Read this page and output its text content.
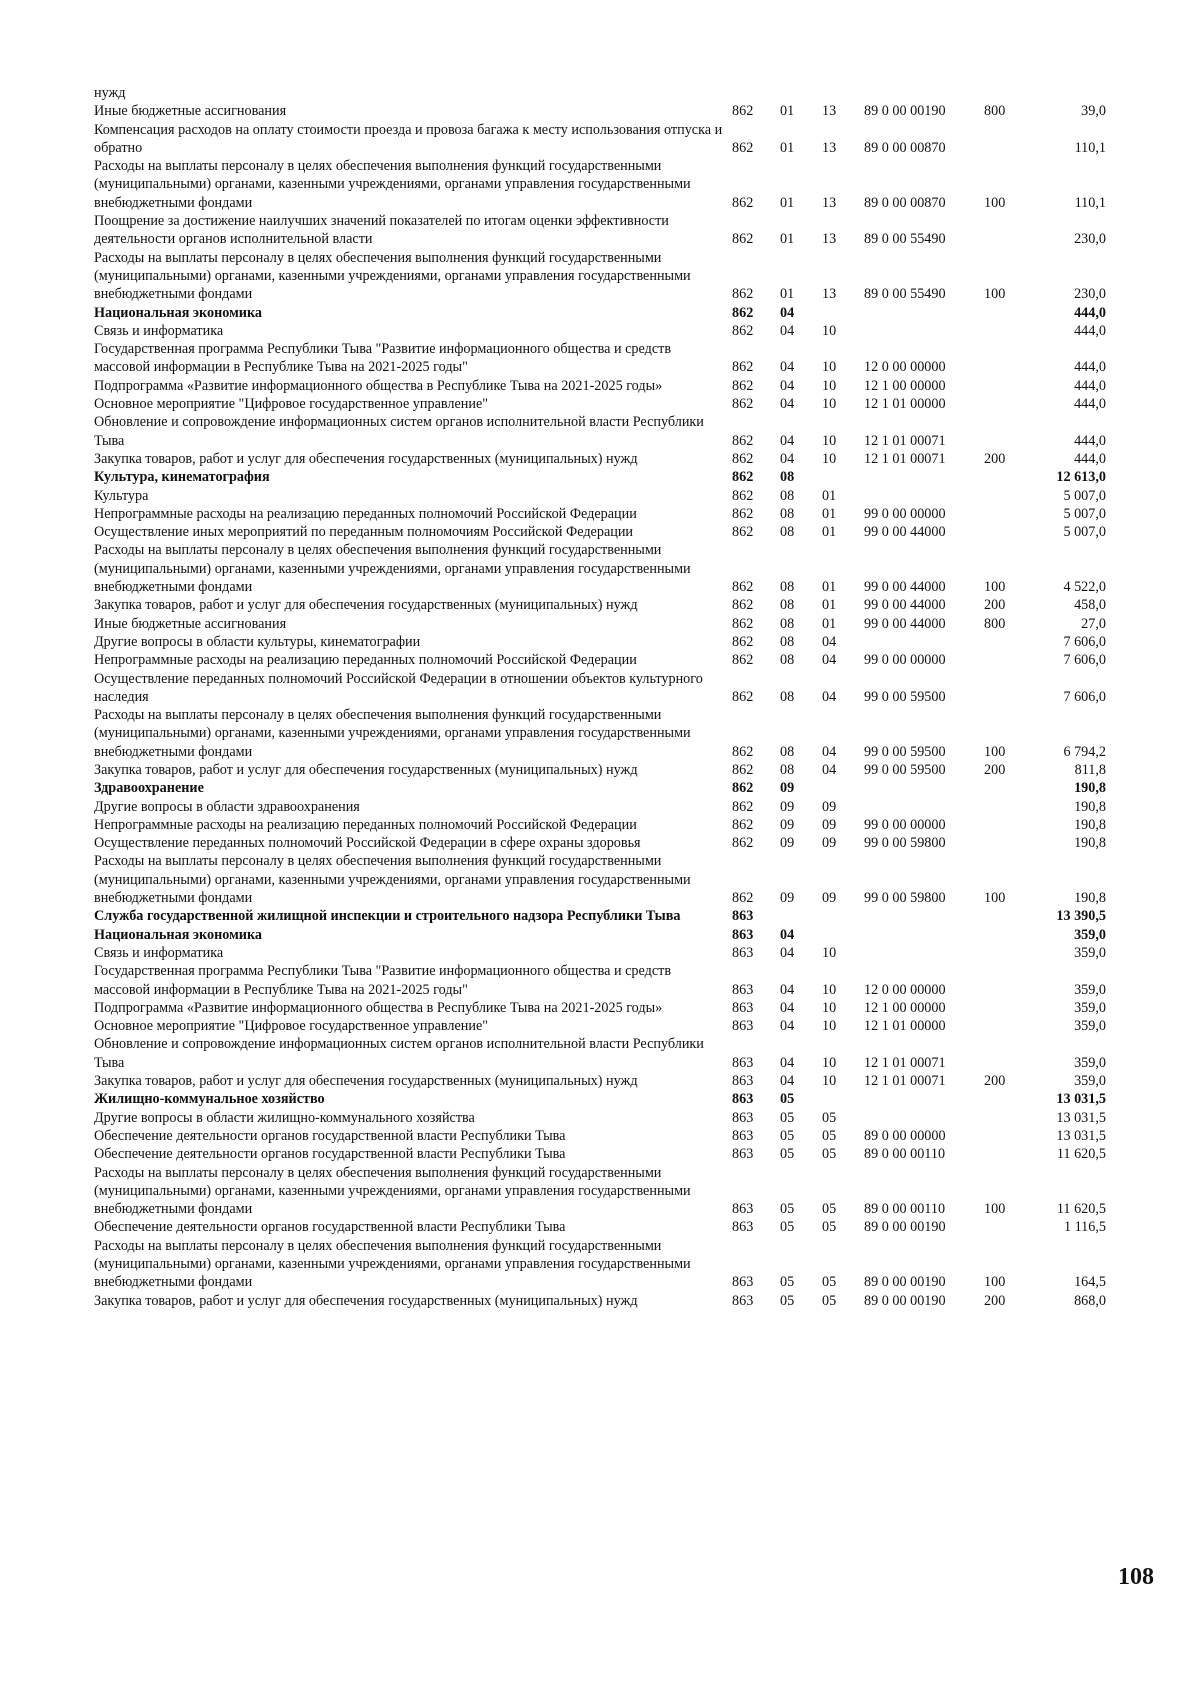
нужд						
Иные бюджетные ассигнования	862	01	13	89 0 00 00190	800	39,0
Компенсация расходов на оплату стоимости проезда и провоза багажа к месту использования отпуска и обратно	862	01	13	89 0 00 00870		110,1
Расходы на выплаты персоналу в целях обеспечения выполнения функций государственными (муниципальными) органами, казенными учреждениями, органами управления государственными внебюджетными фондами	862	01	13	89 0 00 00870	100	110,1
Поощрение за достижение наилучших значений показателей по итогам оценки эффективности деятельности органов исполнительной власти	862	01	13	89 0 00 55490		230,0
Расходы на выплаты персоналу в целях обеспечения выполнения функций государственными (муниципальными) органами, казенными учреждениями, органами управления государственными внебюджетными фондами	862	01	13	89 0 00 55490	100	230,0
Национальная экономика	862	04				444,0
Связь и информатика	862	04	10			444,0
Государственная программа Республики Тыва "Развитие информационного общества и средств массовой информации в Республике Тыва на 2021-2025 годы"	862	04	10	12 0 00 00000		444,0
Подпрограмма «Развитие информационного общества в Республике Тыва на 2021-2025 годы»	862	04	10	12 1 00 00000		444,0
Основное мероприятие "Цифровое государственное управление"	862	04	10	12 1 01 00000		444,0
Обновление и сопровождение информационных систем органов исполнительной власти Республики Тыва	862	04	10	12 1 01 00071		444,0
Закупка товаров, работ и услуг для обеспечения государственных (муниципальных) нужд	862	04	10	12 1 01 00071	200	444,0
Культура, кинематография	862	08				12 613,0
Культура	862	08	01			5 007,0
Непрограммные расходы на реализацию переданных полномочий Российской Федерации	862	08	01	99 0 00 00000		5 007,0
Осуществление иных мероприятий по переданным полномочиям Российской Федерации	862	08	01	99 0 00 44000		5 007,0
Расходы на выплаты персоналу в целях обеспечения выполнения функций государственными (муниципальными) органами, казенными учреждениями, органами управления государственными внебюджетными фондами	862	08	01	99 0 00 44000	100	4 522,0
Закупка товаров, работ и услуг для обеспечения государственных (муниципальных) нужд	862	08	01	99 0 00 44000	200	458,0
Иные бюджетные ассигнования	862	08	01	99 0 00 44000	800	27,0
Другие вопросы в области культуры, кинематографии	862	08	04			7 606,0
Непрограммные расходы на реализацию переданных полномочий Российской Федерации	862	08	04	99 0 00 00000		7 606,0
Осуществление переданных полномочий Российской Федерации в отношении объектов культурного наследия	862	08	04	99 0 00 59500		7 606,0
Расходы на выплаты персоналу в целях обеспечения выполнения функций государственными (муниципальными) органами, казенными учреждениями, органами управления государственными внебюджетными фондами	862	08	04	99 0 00 59500	100	6 794,2
Закупка товаров, работ и услуг для обеспечения государственных (муниципальных) нужд	862	08	04	99 0 00 59500	200	811,8
Здравоохранение	862	09				190,8
Другие вопросы в области здравоохранения	862	09	09			190,8
Непрограммные расходы на реализацию переданных полномочий Российской Федерации	862	09	09	99 0 00 00000		190,8
Осуществление переданных полномочий Российской Федерации в сфере охраны здоровья	862	09	09	99 0 00 59800		190,8
Расходы на выплаты персоналу в целях обеспечения выполнения функций государственными (муниципальными) органами, казенными учреждениями, органами управления государственными внебюджетными фондами	862	09	09	99 0 00 59800	100	190,8
Служба государственной жилищной инспекции и строительного надзора Республики Тыва	863					13 390,5
Национальная экономика	863	04				359,0
Связь и информатика	863	04	10			359,0
Государственная программа Республики Тыва "Развитие информационного общества и средств массовой информации в Республике Тыва на 2021-2025 годы"	863	04	10	12 0 00 00000		359,0
Подпрограмма «Развитие информационного общества в Республике Тыва на 2021-2025 годы»	863	04	10	12 1 00 00000		359,0
Основное мероприятие "Цифровое государственное управление"	863	04	10	12 1 01 00000		359,0
Обновление и сопровождение информационных систем органов исполнительной власти Республики Тыва	863	04	10	12 1 01 00071		359,0
Закупка товаров, работ и услуг для обеспечения государственных (муниципальных) нужд	863	04	10	12 1 01 00071	200	359,0
Жилищно-коммунальное хозяйство	863	05				13 031,5
Другие вопросы в области жилищно-коммунального хозяйства	863	05	05			13 031,5
Обеспечение деятельности органов государственной власти Республики Тыва	863	05	05	89 0 00 00000		13 031,5
Обеспечение деятельности органов государственной власти Республики Тыва	863	05	05	89 0 00 00110		11 620,5
Расходы на выплаты персоналу в целях обеспечения выполнения функций государственными (муниципальными) органами, казенными учреждениями, органами управления государственными внебюджетными фондами	863	05	05	89 0 00 00110	100	11 620,5
Обеспечение деятельности органов государственной власти Республики Тыва	863	05	05	89 0 00 00190		1 116,5
Расходы на выплаты персоналу в целях обеспечения выполнения функций государственными (муниципальными) органами, казенными учреждениями, органами управления государственными внебюджетными фондами	863	05	05	89 0 00 00190	100	164,5
Закупка товаров, работ и услуг для обеспечения государственных (муниципальных) нужд	863	05	05	89 0 00 00190	200	868,0
108
